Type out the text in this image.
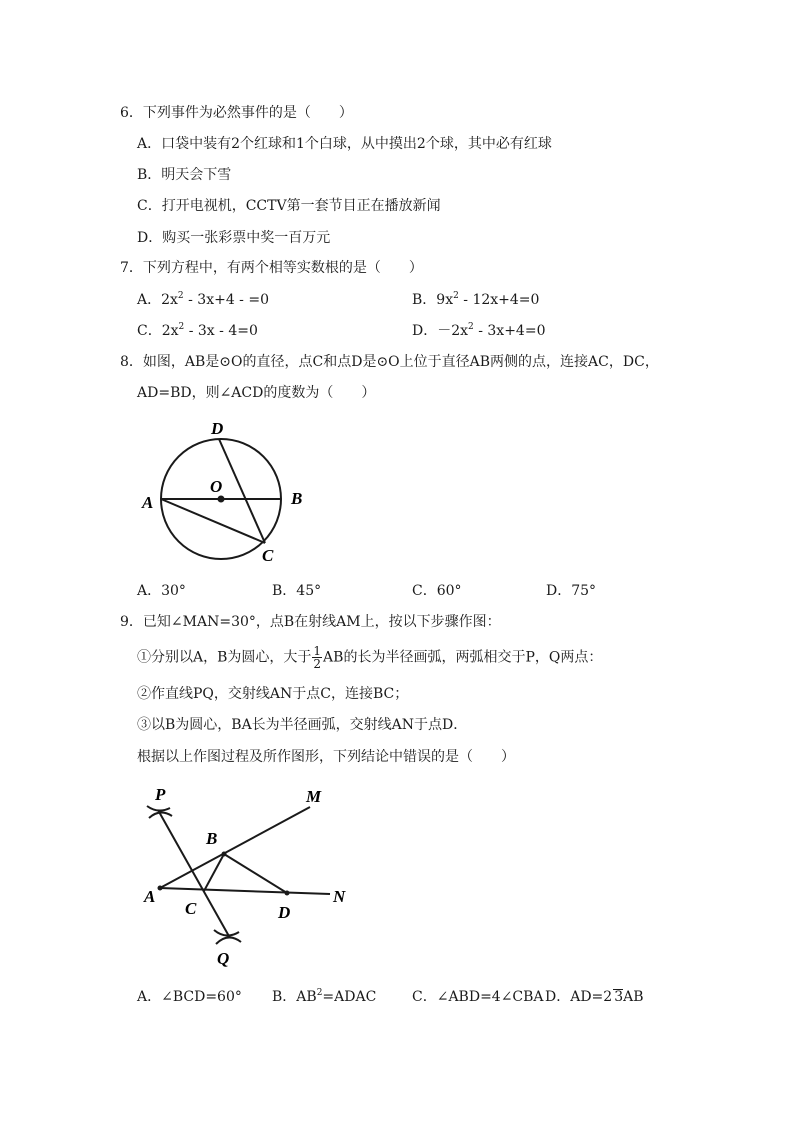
6．下列事件为必然事件的是（　　）
A．口袋中装有2个红球和1个白球，从中摸出2个球，其中必有红球
B．明天会下雪
C．打开电视机，CCTV第一套节目正在播放新闻
D．购买一张彩票中奖一百万元
7．下列方程中，有两个相等实数根的是（　　）
A．$2x^2 - 3x+4 - =0$	B．$9x^2 - 12x+4=0$
C．$2x^2 - 3x - 4=0$	D．$-2x^2 - 3x+4=0$
8．如图，AB是⊙O的直径，点C和点D是⊙O上位于直径AB两侧的点，连接AC，DC，
AD=BD，则∠ACD的度数为（　　）
D
O
A	B
C
A．30°	B．45°	C．60°	D．75°
9．已知∠MAN=30°，点B在射线AM上，按以下步骤作图：
①分别以A，B为圆心，大于 $\frac{1}{2}$ AB的长为半径画弧，两弧相交于P，Q两点：
②作直线PQ，交射线AN于点C，连接BC；
③以B为圆心，BA长为半径画弧，交射线AN于点D．
根据以上作图过程及所作图形，下列结论中错误的是（　　）
P	M
B
A
C	D
N
Q
A．∠BCD=60° B．$AB^2=ADAC$	C．∠ABD=4∠CBA D．AD=2 3AB
